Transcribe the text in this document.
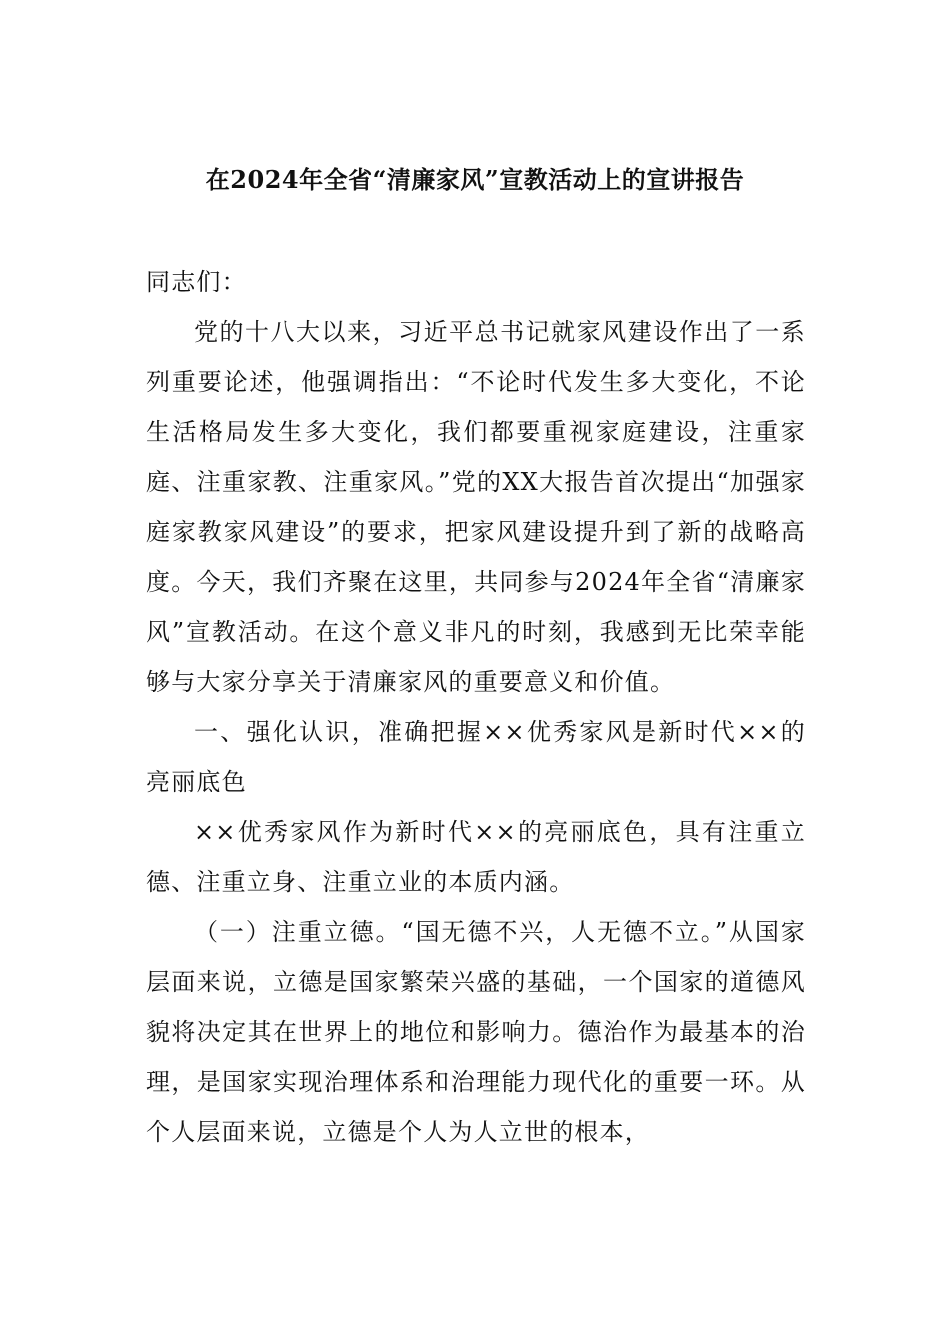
在2024年全省“清廉家风”宣教活动上的宣讲报告

同志们：

党的十八大以来，习近平总书记就家风建设作出了一系列重要论述，他强调指出：“不论时代发生多大变化，不论生活格局发生多大变化，我们都要重视家庭建设，注重家庭、注重家教、注重家风。”党的XX大报告首次提出“加强家庭家教家风建设”的要求，把家风建设提升到了新的战略高度。今天，我们齐聚在这里，共同参与2024年全省“清廉家风”宣教活动。在这个意义非凡的时刻，我感到无比荣幸能够与大家分享关于清廉家风的重要意义和价值。

一、强化认识，准确把握××优秀家风是新时代××的亮丽底色

××优秀家风作为新时代××的亮丽底色，具有注重立德、注重立身、注重立业的本质内涵。

（一）注重立德。“国无德不兴，人无德不立。”从国家层面来说，立德是国家繁荣兴盛的基础，一个国家的道德风貌将决定其在世界上的地位和影响力。德治作为最基本的治理，是国家实现治理体系和治理能力现代化的重要一环。从个人层面来说，立德是个人为人立世的根本，
